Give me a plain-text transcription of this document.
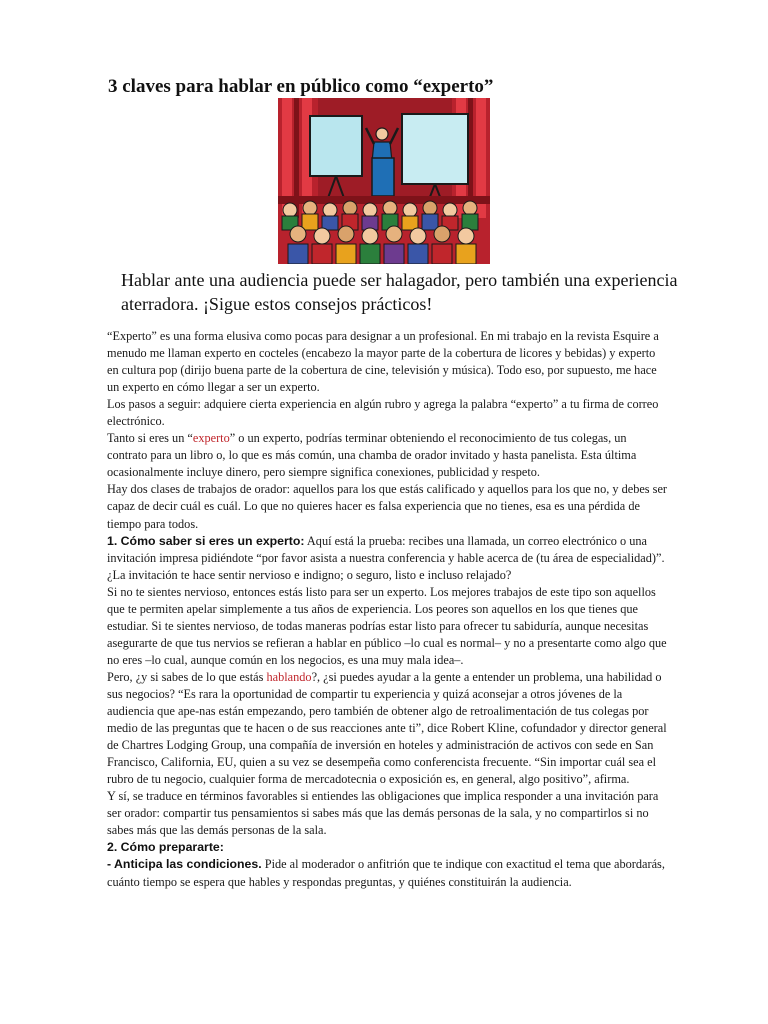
3 claves para hablar en público como “experto”
Hablar ante una audiencia puede ser halagador, pero también una experiencia aterradora. ¡Sigue estos consejos prácticos!

“Experto” es una forma elusiva como pocas para designar a un profesional. En mi trabajo en la revista Esquire a menudo me llaman experto en cocteles (encabezo la mayor parte de la cobertura de licores y bebidas) y experto en cultura pop (dirijo buena parte de la cobertura de cine, televisión y música). Todo eso, por supuesto, me hace un experto en cómo llegar a ser un experto.

Los pasos a seguir: adquiere cierta experiencia en algún rubro y agrega la palabra “experto” a tu firma de correo electrónico.

Tanto si eres un “experto” o un experto, podrías terminar obteniendo el reconocimiento de tus colegas, un contrato para un libro o, lo que es más común, una chamba de orador invitado y hasta panelista. Esta última ocasionalmente incluye dinero, pero siempre significa conexiones, publicidad y respeto.

Hay dos clases de trabajos de orador: aquellos para los que estás calificado y aquellos para los que no, y debes ser capaz de decir cuál es cuál. Lo que no quieres hacer es falsa experiencia que no tienes, esa es una pérdida de tiempo para todos.

1. Cómo saber si eres un experto: Aquí está la prueba: recibes una llamada, un correo electrónico o una invitación impresa pidiéndote “por favor asista a nuestra conferencia y hable acerca de (tu área de especialidad)”. ¿La invitación te hace sentir nervioso e indigno; o seguro, listo e incluso relajado?

Si no te sientes nervioso, entonces estás listo para ser un experto. Los mejores trabajos de este tipo son aquellos que te permiten apelar simplemente a tus años de experiencia. Los peores son aquellos en los que tienes que estudiar. Si te sientes nervioso, de todas maneras podrías estar listo para ofrecer tu sabiduría, aunque necesitas asegurarte de que tus nervios se refieran a hablar en público –lo cual es normal– y no a presentarte como algo que no eres –lo cual, aunque común en los negocios, es una muy mala idea–.

Pero, ¿y si sabes de lo que estás hablando?, ¿si puedes ayudar a la gente a entender un problema, una habilidad o sus negocios? “Es rara la oportunidad de compartir tu experiencia y quizá aconsejar a otros jóvenes de la audiencia que ape-nas están empezando, pero también de obtener algo de retroalimentación de tus colegas por medio de las preguntas que te hacen o de sus reacciones ante ti”, dice Robert Kline, cofundador y director general de Chartres Lodging Group, una compañía de inversión en hoteles y administración de activos con sede en San Francisco, California, EU, quien a su vez se desempeña como conferencista frecuente. “Sin importar cuál sea el rubro de tu negocio, cualquier forma de mercadotecnia o exposición es, en general, algo positivo”, afirma.

Y sí, se traduce en términos favorables si entiendes las obligaciones que implica responder a una invitación para ser orador: compartir tus pensamientos si sabes más que las demás personas de la sala, y no compartirlos si no sabes más que las demás personas de la sala.

2. Cómo prepararte:

- Anticipa las condiciones. Pide al moderador o anfitrión que te indique con exactitud el tema que abordarás, cuánto tiempo se espera que hables y respondas preguntas, y quiénes constituirán la audiencia.
